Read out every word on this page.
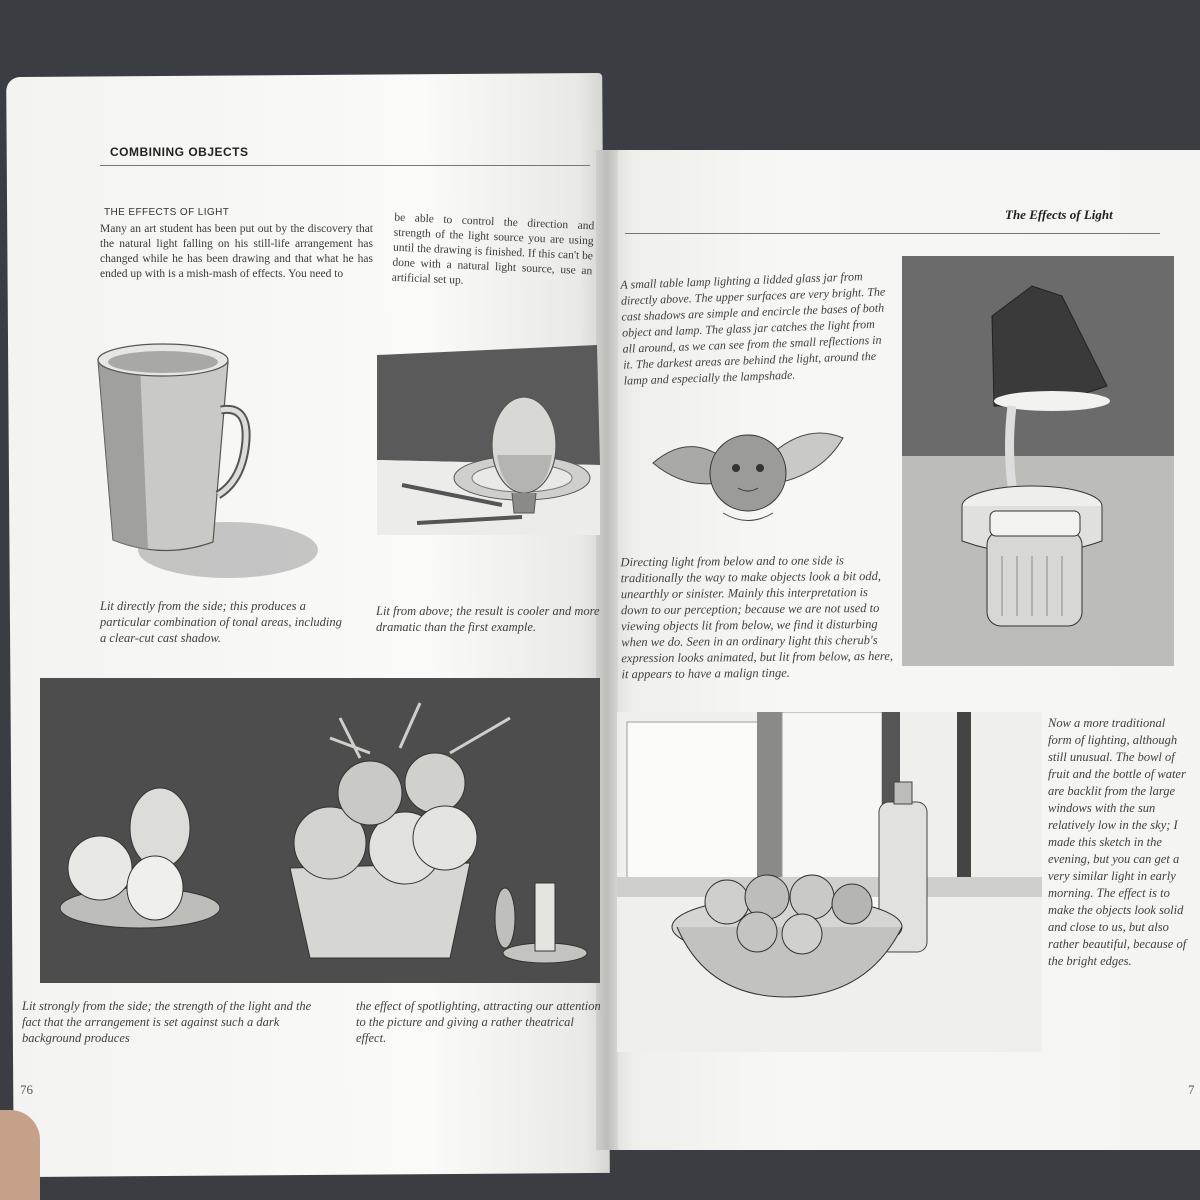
COMBINING OBJECTS
THE EFFECTS OF LIGHT
Many an art student has been put out by the discovery that the natural light falling on his still-life arrangement has changed while he has been drawing and that what he has ended up with is a mish-mash of effects. You need to
be able to control the direction and strength of the light source you are using until the drawing is finished. If this can't be done with a natural light source, use an artificial set up.
Lit directly from the side; this produces a particular combination of tonal areas, including a clear-cut cast shadow.
Lit from above; the result is cooler and more dramatic than the first example.
Lit strongly from the side; the strength of the light and the fact that the arrangement is set against such a dark background produces
the effect of spotlighting, attracting our attention to the picture and giving a rather theatrical effect.
76
The Effects of Light
A small table lamp lighting a lidded glass jar from directly above. The upper surfaces are very bright. The cast shadows are simple and encircle the bases of both object and lamp. The glass jar catches the light from all around, as we can see from the small reflections in it. The darkest areas are behind the light, around the lamp and especially the lampshade.
Directing light from below and to one side is traditionally the way to make objects look a bit odd, unearthly or sinister. Mainly this interpretation is down to our perception; because we are not used to viewing objects lit from below, we find it disturbing when we do. Seen in an ordinary light this cherub's expression looks animated, but lit from below, as here, it appears to have a malign tinge.
Now a more traditional form of lighting, although still unusual. The bowl of fruit and the bottle of water are backlit from the large windows with the sun relatively low in the sky; I made this sketch in the evening, but you can get a very similar light in early morning. The effect is to make the objects look solid and close to us, but also rather beautiful, because of the bright edges.
7
